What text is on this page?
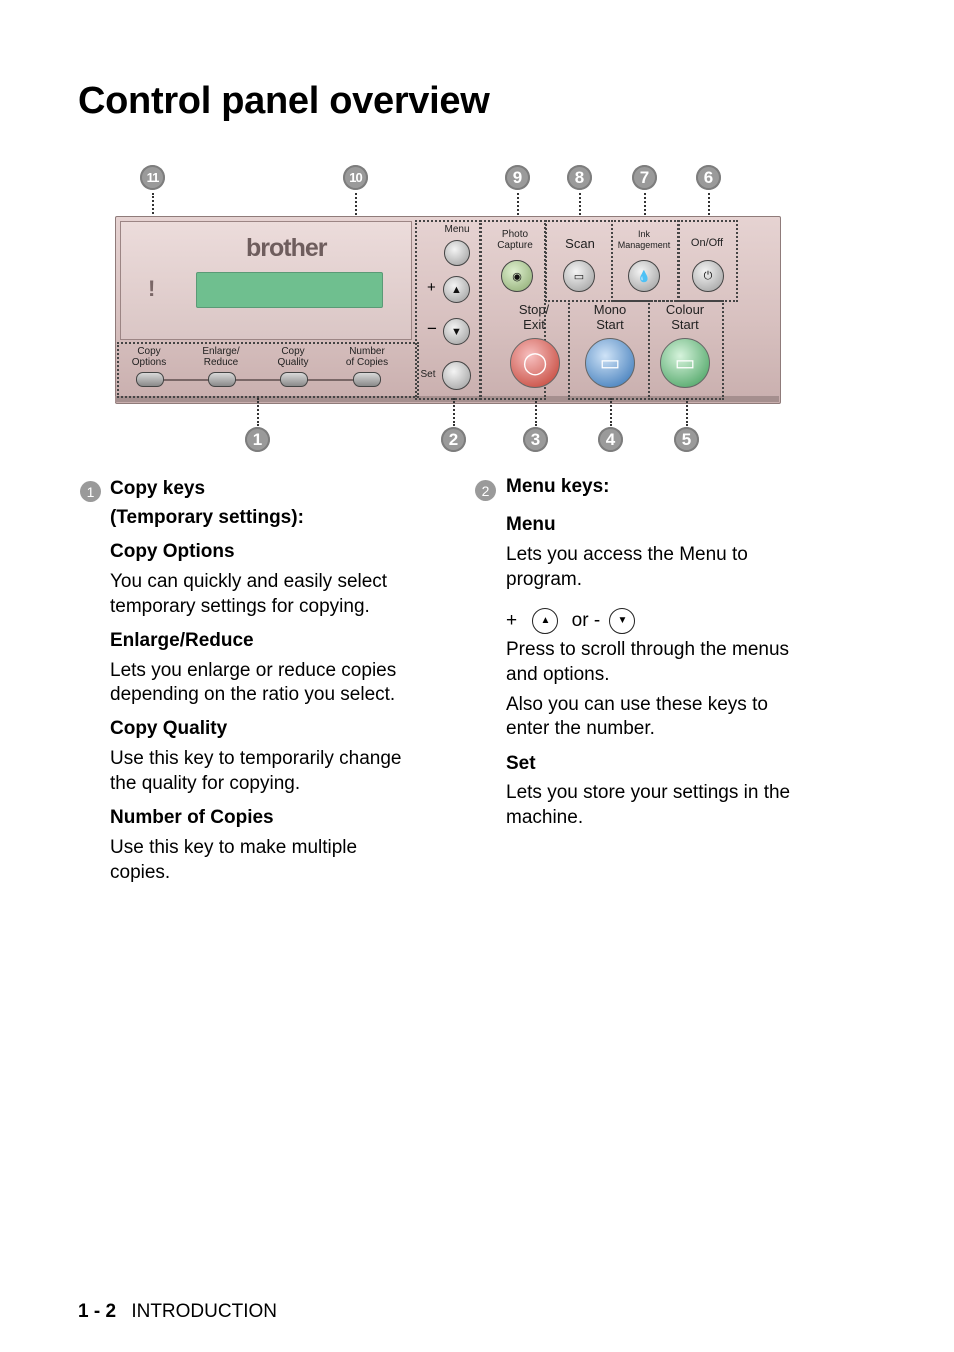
Control panel overview
11	10	9	8	7	6
brother
!
Copy
Options
Enlarge/
Reduce
Copy
Quality
Number
of Copies
Menu
+ ▲
− ▼
Set
Photo
Capture
◉
Scan
▭
Ink
Management
💧
On/Off
⏻
Stop/
Exit
◯
Mono
Start
▭
Colour
Start
▭
1	2	3	4	5
1 Copy keys
(Temporary settings):
Copy Options
You can quickly and easily select
temporary settings for copying.
Enlarge/Reduce
Lets you enlarge or reduce copies
depending on the ratio you select.
Copy Quality
Use this key to temporarily change
the quality for copying.
Number of Copies
Use this key to make multiple
copies.
2 Menu keys:
Menu
Lets you access the Menu to
program.
+ ▲ or - ▼
Press to scroll through the menus
and options.
Also you can use these keys to
enter the number.
Set
Lets you store your settings in the
machine.
1 - 2 INTRODUCTION
